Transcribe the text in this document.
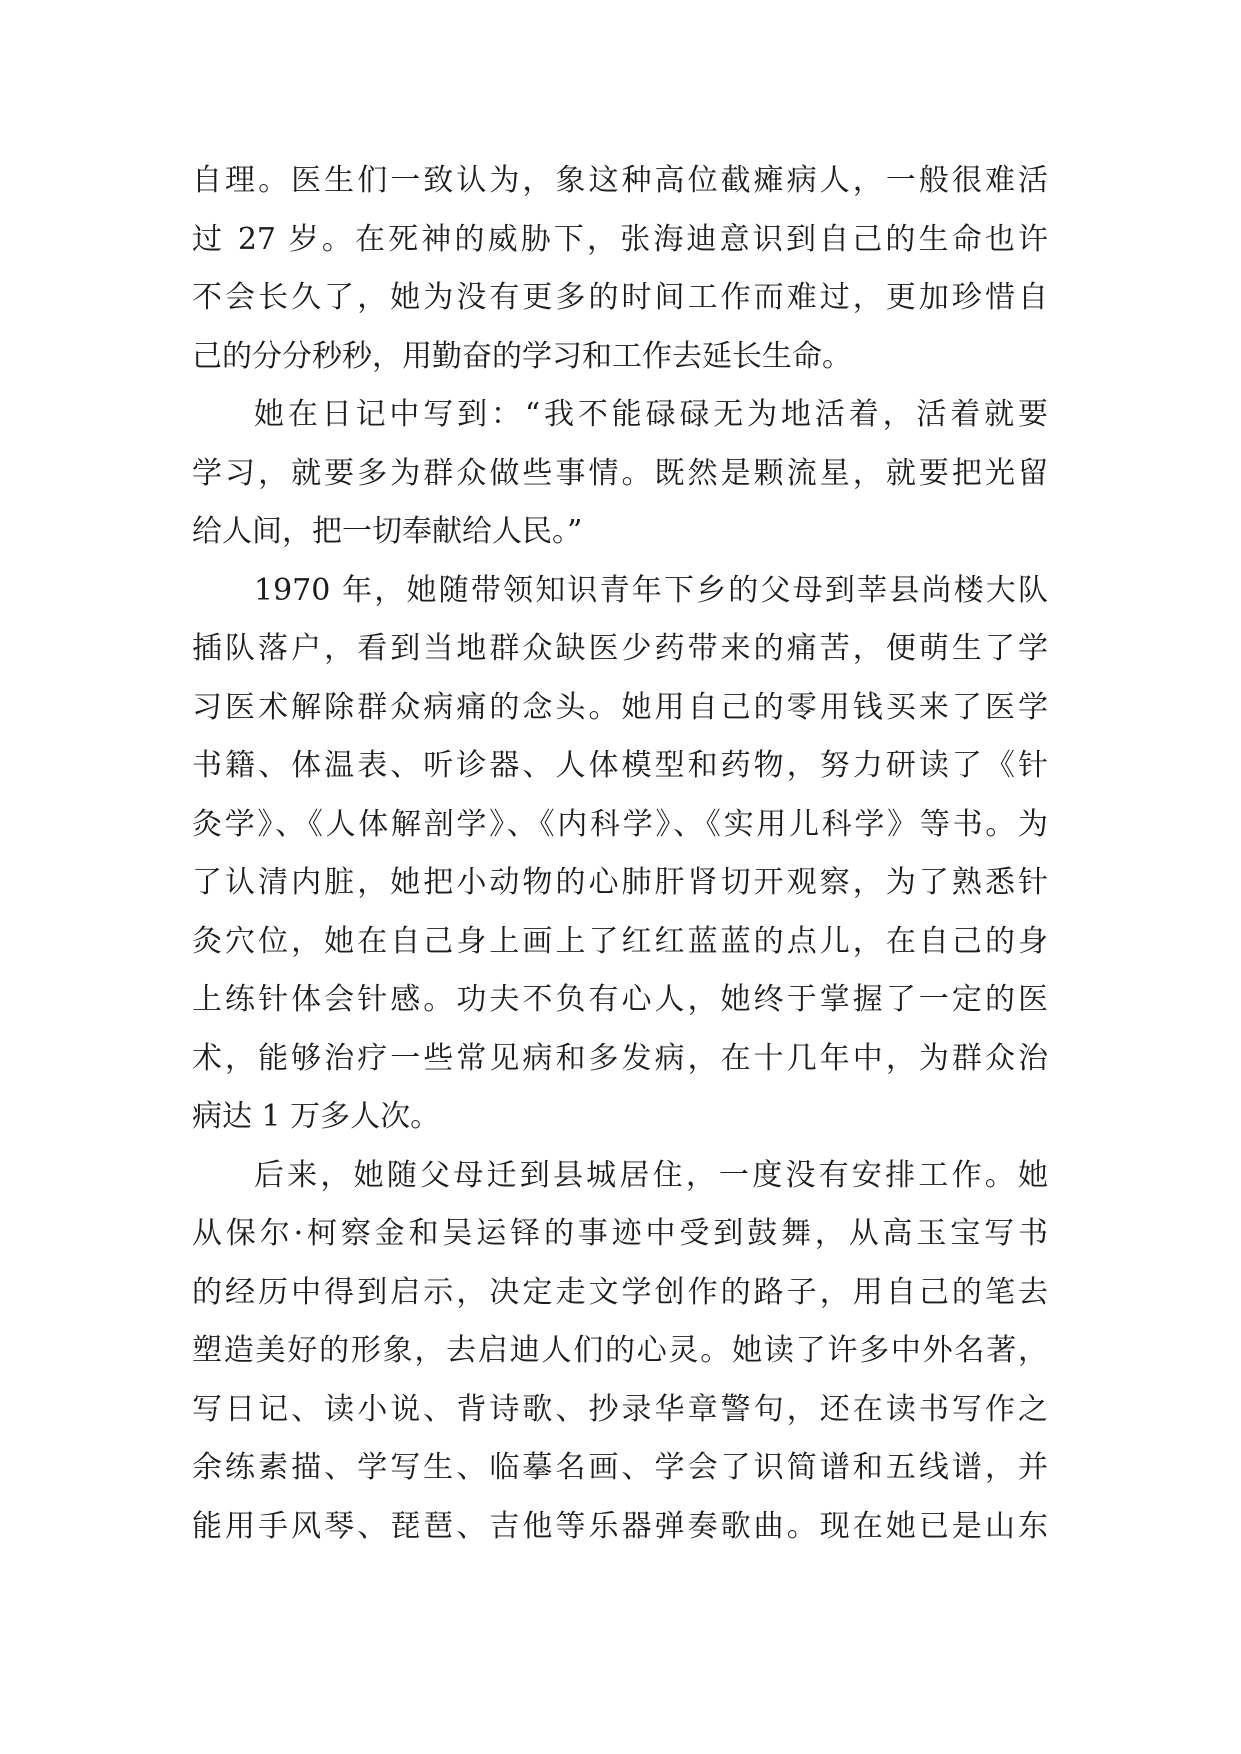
自理。医生们一致认为，象这种高位截瘫病人，一般很难活
过 27 岁。在死神的威胁下，张海迪意识到自己的生命也许
不会长久了，她为没有更多的时间工作而难过，更加珍惜自
己的分分秒秒，用勤奋的学习和工作去延长生命。
她在日记中写到：“我不能碌碌无为地活着，活着就要
学习，就要多为群众做些事情。既然是颗流星，就要把光留
给人间，把一切奉献给人民。”
1970 年，她随带领知识青年下乡的父母到莘县尚楼大队
插队落户，看到当地群众缺医少药带来的痛苦，便萌生了学
习医术解除群众病痛的念头。她用自己的零用钱买来了医学
书籍、体温表、听诊器、人体模型和药物，努力研读了《针
灸学》、《人体解剖学》、《内科学》、《实用儿科学》等书。为
了认清内脏，她把小动物的心肺肝肾切开观察，为了熟悉针
灸穴位，她在自己身上画上了红红蓝蓝的点儿，在自己的身
上练针体会针感。功夫不负有心人，她终于掌握了一定的医
术，能够治疗一些常见病和多发病，在十几年中，为群众治
病达 1 万多人次。
后来，她随父母迁到县城居住，一度没有安排工作。她
从保尔·柯察金和吴运铎的事迹中受到鼓舞，从高玉宝写书
的经历中得到启示，决定走文学创作的路子，用自己的笔去
塑造美好的形象，去启迪人们的心灵。她读了许多中外名著，
写日记、读小说、背诗歌、抄录华章警句，还在读书写作之
余练素描、学写生、临摹名画、学会了识简谱和五线谱，并
能用手风琴、琵琶、吉他等乐器弹奏歌曲。现在她已是山东
